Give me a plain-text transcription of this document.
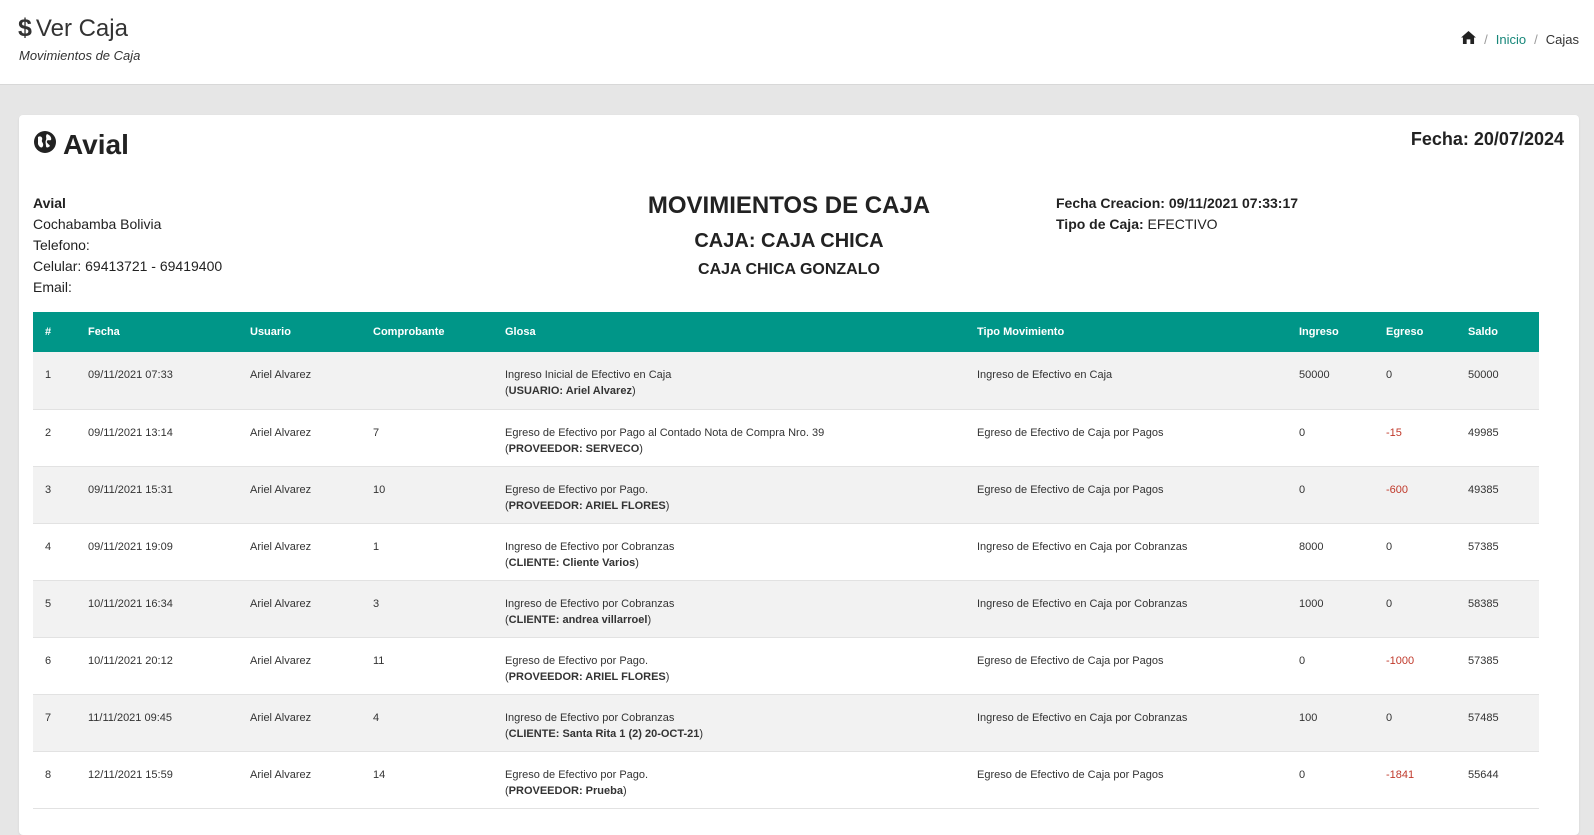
$ Ver Caja
Movimientos de Caja
/ Inicio / Cajas
Avial	Fecha: 20/07/2024
Avial
Cochabamba Bolivia
Telefono:
Celular: 69413721 - 69419400
Email:
MOVIMIENTOS DE CAJA
CAJA: CAJA CHICA
CAJA CHICA GONZALO
Fecha Creacion: 09/11/2021 07:33:17
Tipo de Caja: EFECTIVO
#	Fecha	Usuario	Comprobante	Glosa	Tipo Movimiento	Ingreso	Egreso	Saldo
1	09/11/2021 07:33	Ariel Alvarez		Ingreso Inicial de Efectivo en Caja
(USUARIO: Ariel Alvarez)	Ingreso de Efectivo en Caja	50000	0	50000
2	09/11/2021 13:14	Ariel Alvarez	7	Egreso de Efectivo por Pago al Contado Nota de Compra Nro. 39
(PROVEEDOR: SERVECO)	Egreso de Efectivo de Caja por Pagos	0	-15	49985
3	09/11/2021 15:31	Ariel Alvarez	10	Egreso de Efectivo por Pago.
(PROVEEDOR: ARIEL FLORES)	Egreso de Efectivo de Caja por Pagos	0	-600	49385
4	09/11/2021 19:09	Ariel Alvarez	1	Ingreso de Efectivo por Cobranzas
(CLIENTE: Cliente Varios)	Ingreso de Efectivo en Caja por Cobranzas	8000	0	57385
5	10/11/2021 16:34	Ariel Alvarez	3	Ingreso de Efectivo por Cobranzas
(CLIENTE: andrea villarroel)	Ingreso de Efectivo en Caja por Cobranzas	1000	0	58385
6	10/11/2021 20:12	Ariel Alvarez	11	Egreso de Efectivo por Pago.
(PROVEEDOR: ARIEL FLORES)	Egreso de Efectivo de Caja por Pagos	0	-1000	57385
7	11/11/2021 09:45	Ariel Alvarez	4	Ingreso de Efectivo por Cobranzas
(CLIENTE: Santa Rita 1 (2) 20-OCT-21)	Ingreso de Efectivo en Caja por Cobranzas	100	0	57485
8	12/11/2021 15:59	Ariel Alvarez	14	Egreso de Efectivo por Pago.
(PROVEEDOR: Prueba)	Egreso de Efectivo de Caja por Pagos	0	-1841	55644
